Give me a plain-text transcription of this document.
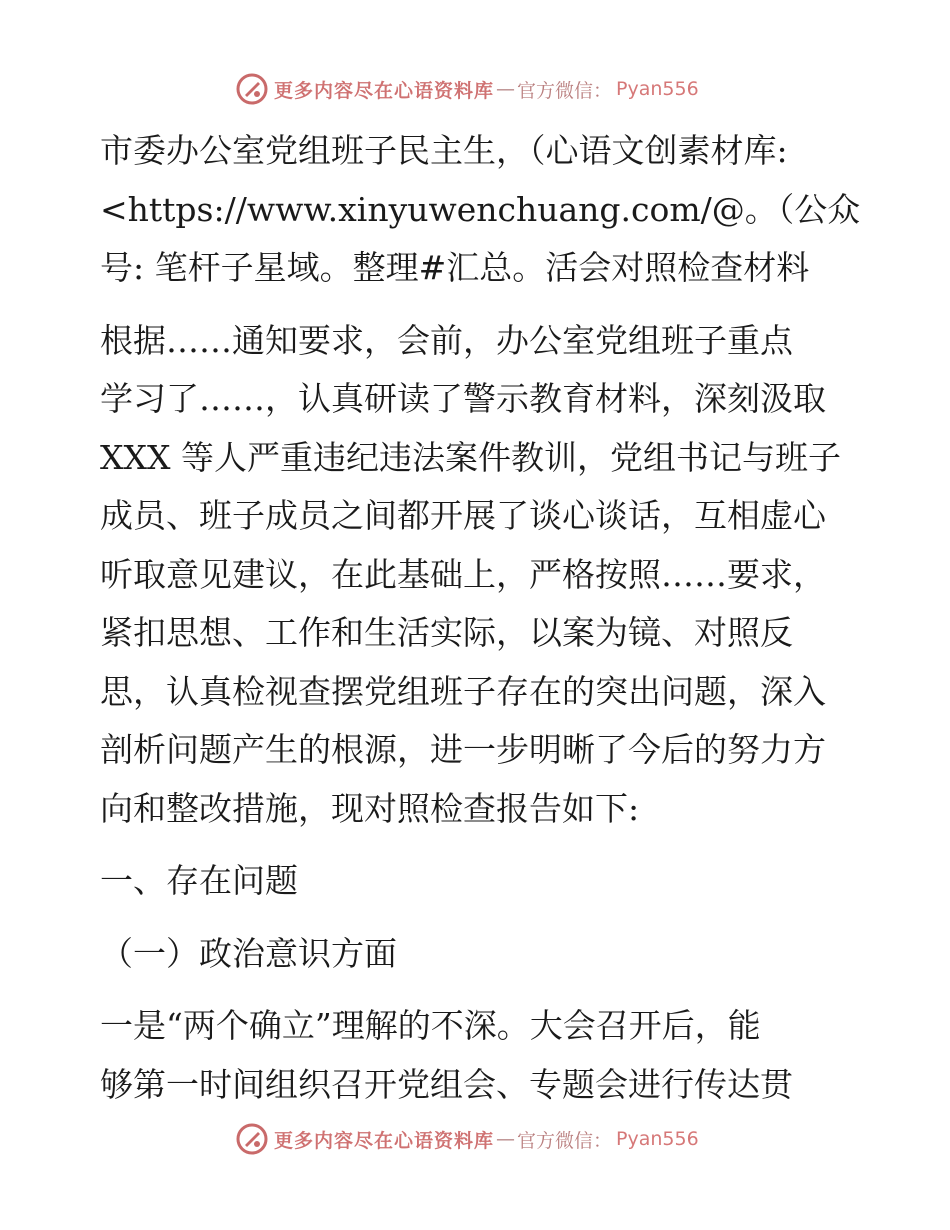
更多内容尽在心语资料库 — 官方微信： Pyan556

市委办公室党组班子民主生，（心语文创素材库:

<https://www.xinyuwenchuang.com/@。（公众

号: 笔杆子星域。整理#汇总。活会对照检查材料

根据……通知要求，会前，办公室党组班子重点

学习了……，认真研读了警示教育材料，深刻汲取

XXX 等人严重违纪违法案件教训，党组书记与班子

成员、班子成员之间都开展了谈心谈话，互相虚心

听取意见建议，在此基础上，严格按照……要求，

紧扣思想、工作和生活实际，以案为镜、对照反

思，认真检视查摆党组班子存在的突出问题，深入

剖析问题产生的根源，进一步明晰了今后的努力方

向和整改措施，现对照检查报告如下:

一、存在问题

（一）政治意识方面

一是“两个确立”理解的不深。大会召开后，能

够第一时间组织召开党组会、专题会进行传达贯

更多内容尽在心语资料库 — 官方微信： Pyan556
